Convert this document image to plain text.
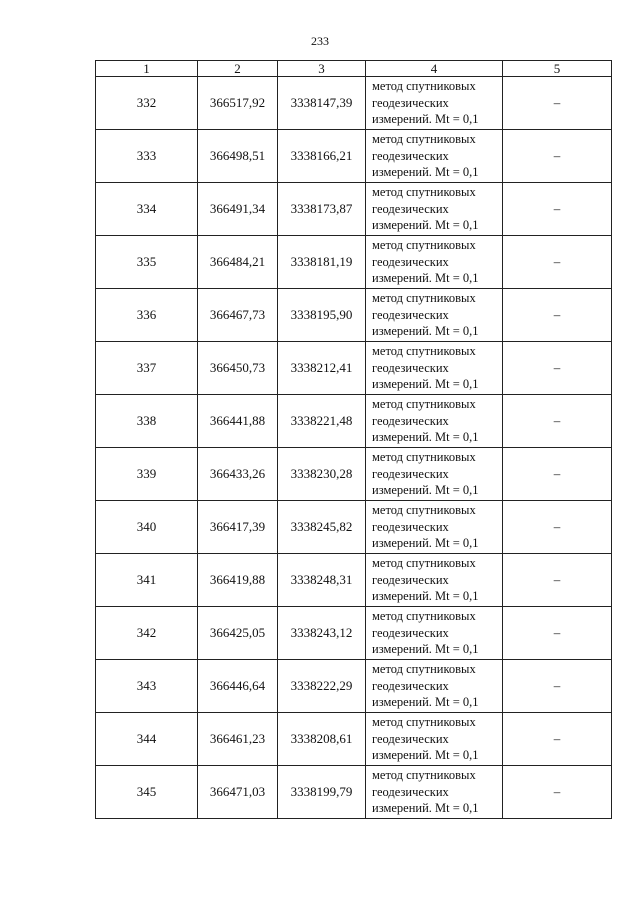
233
1	2	3	4	5
332	366517,92	3338147,39	метод спутниковых
геодезических
измерений. Mt = 0,1	–
333	366498,51	3338166,21	метод спутниковых
геодезических
измерений. Mt = 0,1	–
334	366491,34	3338173,87	метод спутниковых
геодезических
измерений. Mt = 0,1	–
335	366484,21	3338181,19	метод спутниковых
геодезических
измерений. Mt = 0,1	–
336	366467,73	3338195,90	метод спутниковых
геодезических
измерений. Mt = 0,1	–
337	366450,73	3338212,41	метод спутниковых
геодезических
измерений. Mt = 0,1	–
338	366441,88	3338221,48	метод спутниковых
геодезических
измерений. Mt = 0,1	–
339	366433,26	3338230,28	метод спутниковых
геодезических
измерений. Mt = 0,1	–
340	366417,39	3338245,82	метод спутниковых
геодезических
измерений. Mt = 0,1	–
341	366419,88	3338248,31	метод спутниковых
геодезических
измерений. Mt = 0,1	–
342	366425,05	3338243,12	метод спутниковых
геодезических
измерений. Mt = 0,1	–
343	366446,64	3338222,29	метод спутниковых
геодезических
измерений. Mt = 0,1	–
344	366461,23	3338208,61	метод спутниковых
геодезических
измерений. Mt = 0,1	–
345	366471,03	3338199,79	метод спутниковых
геодезических
измерений. Mt = 0,1	–
